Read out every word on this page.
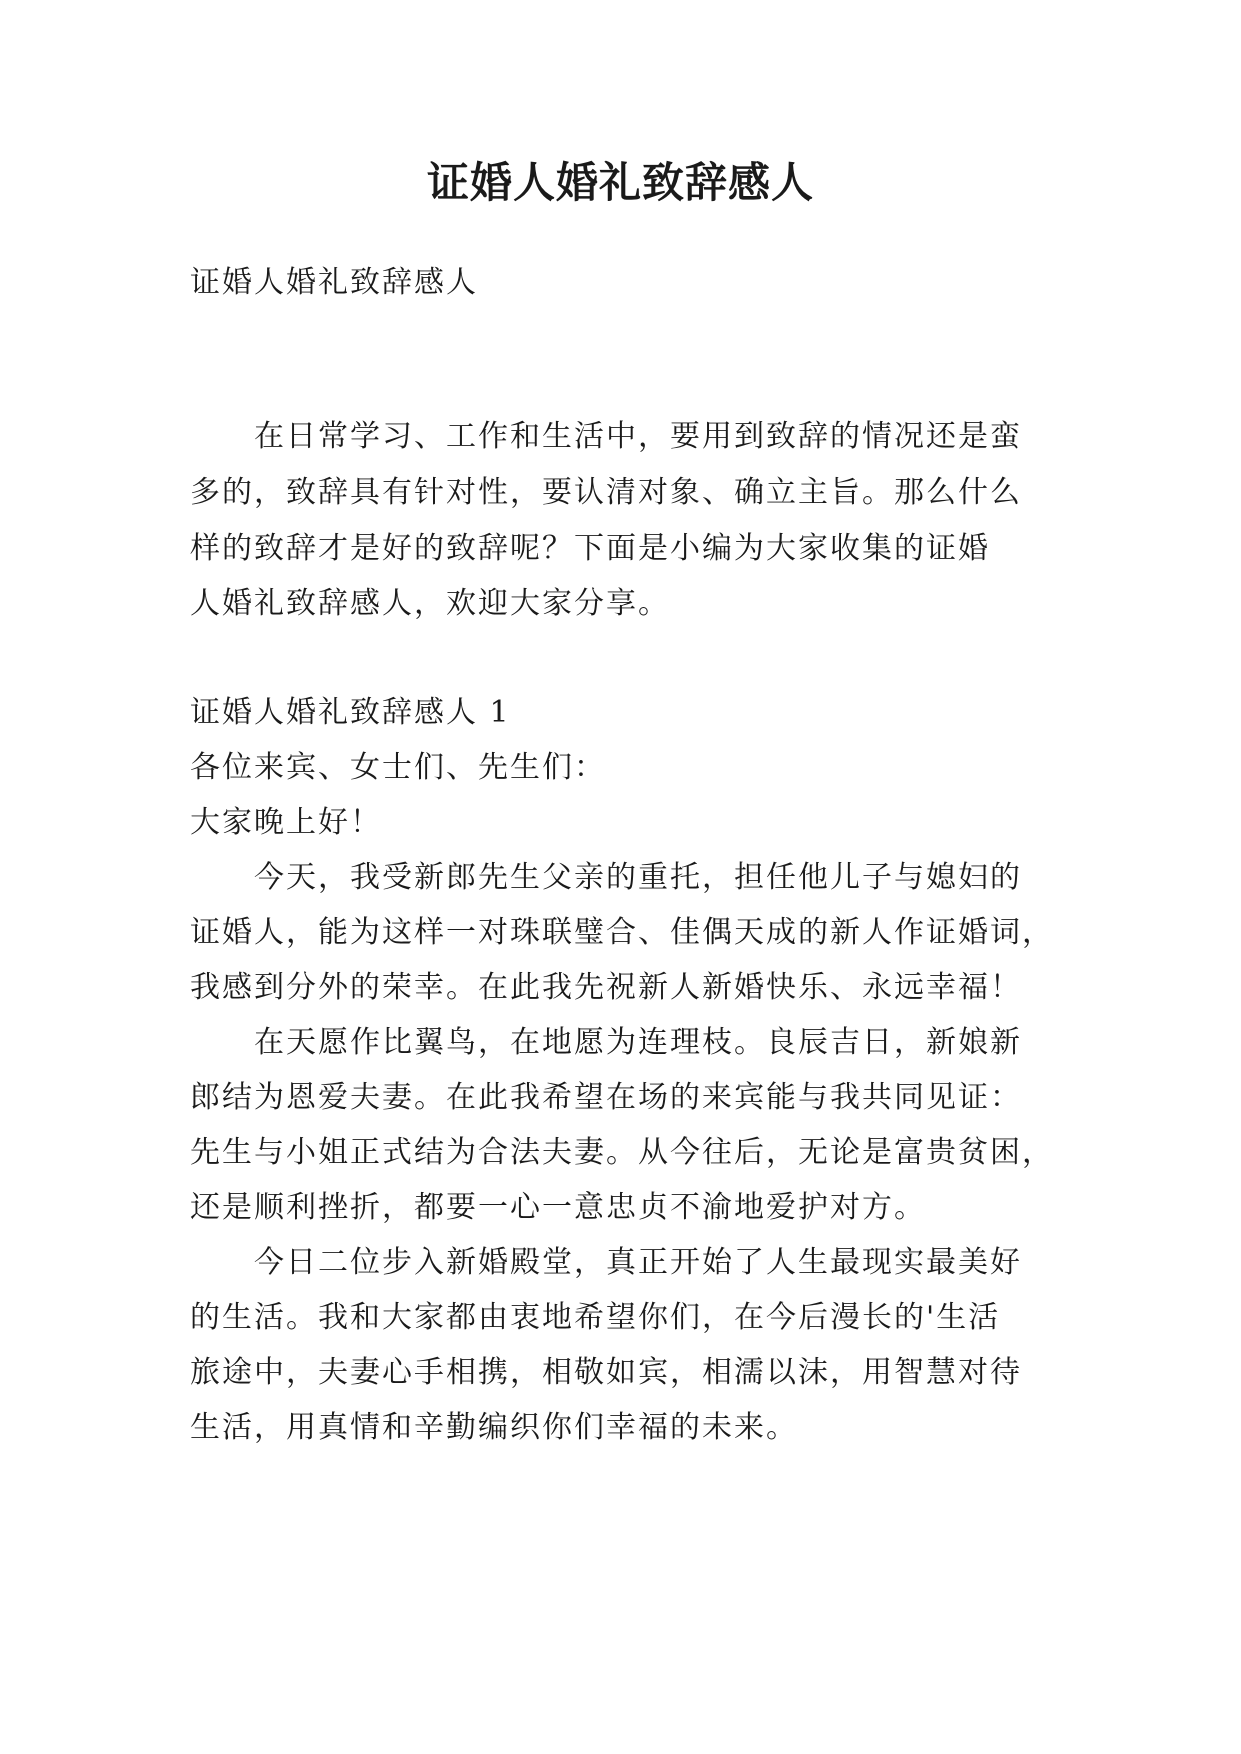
证婚人婚礼致辞感人
证婚人婚礼致辞感人
在日常学习、工作和生活中，要用到致辞的情况还是蛮
多的，致辞具有针对性，要认清对象、确立主旨。那么什么
样的致辞才是好的致辞呢？下面是小编为大家收集的证婚
人婚礼致辞感人，欢迎大家分享。
证婚人婚礼致辞感人 1
各位来宾、女士们、先生们：
大家晚上好！
今天，我受新郎先生父亲的重托，担任他儿子与媳妇的
证婚人，能为这样一对珠联璧合、佳偶天成的新人作证婚词，
我感到分外的荣幸。在此我先祝新人新婚快乐、永远幸福！
在天愿作比翼鸟，在地愿为连理枝。良辰吉日，新娘新
郎结为恩爱夫妻。在此我希望在场的来宾能与我共同见证：
先生与小姐正式结为合法夫妻。从今往后，无论是富贵贫困，
还是顺利挫折，都要一心一意忠贞不渝地爱护对方。
今日二位步入新婚殿堂，真正开始了人生最现实最美好
的生活。我和大家都由衷地希望你们，在今后漫长的'生活
旅途中，夫妻心手相携，相敬如宾，相濡以沫，用智慧对待
生活，用真情和辛勤编织你们幸福的未来。
